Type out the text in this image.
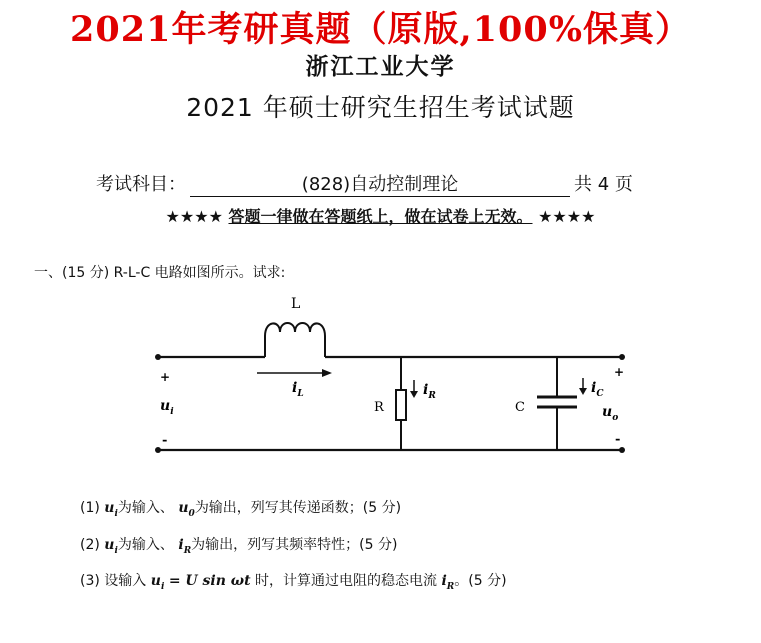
2021年考研真题（原版,100%保真）
浙江工业大学
2021 年硕士研究生招生考试试题
考试科目：	(828)自动控制理论	共 4 页
★★★★ 答题一律做在答题纸上，做在试卷上无效。 ★★★★
一、(15 分) R-L-C 电路如图所示。试求:
L
R	C
+
-
+
-
$u_i$	$u_o$
$i_L$	$i_R$	$i_C$
(1) $u_i$为输入、 $u_0$为输出，列写其传递函数；(5 分)
(2) $u_i$为输入、 $i_R$为输出，列写其频率特性；(5 分)
(3) 设输入 $u_i = U$ sin ωt 时，计算通过电阻的稳态电流 $i_R$。(5 分)
